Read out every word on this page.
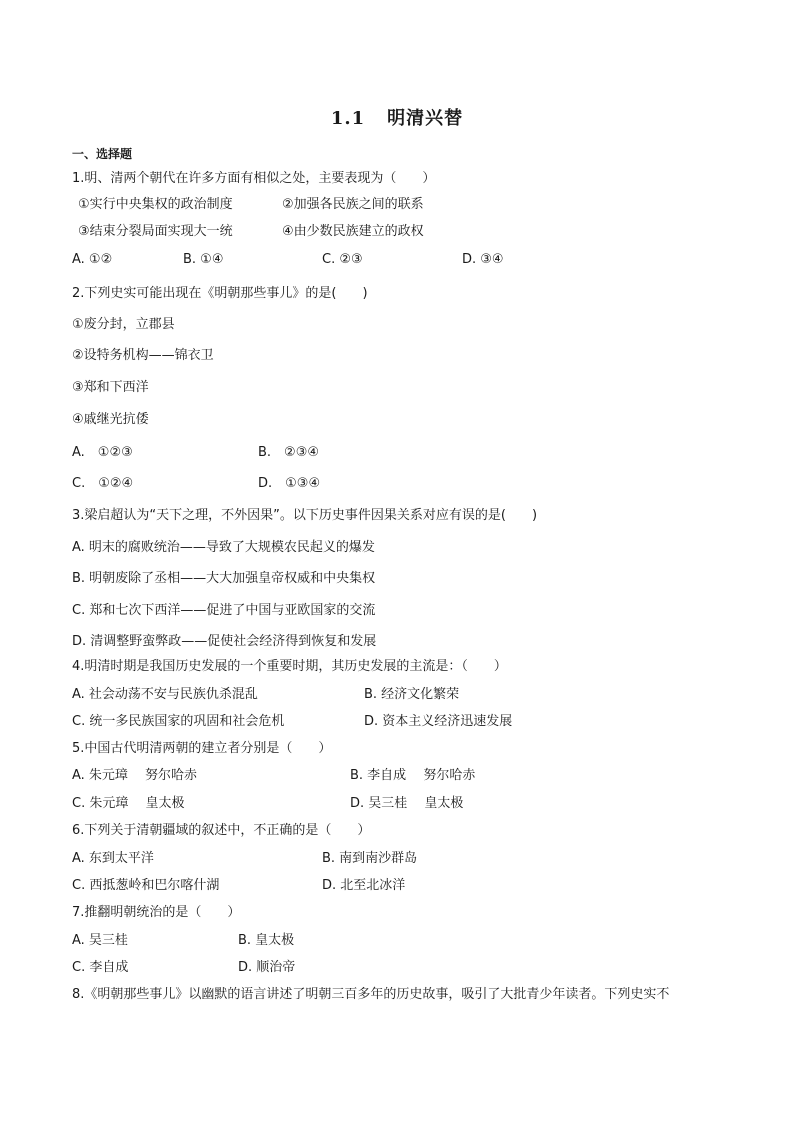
1.1 明清兴替
一、选择题
1.明、清两个朝代在许多方面有相似之处，主要表现为（　　）
①实行中央集权的政治制度	②加强各民族之间的联系
③结束分裂局面实现大一统	④由少数民族建立的政权
A. ①②	B. ①④	C. ②③	D. ③④
2.下列史实可能出现在《明朝那些事儿》的是(　　)
①废分封，立郡县
②设特务机构——锦衣卫
③郑和下西洋
④戚继光抗倭
A.　①②③	B.　②③④
C.　①②④	D.　①③④
3.梁启超认为“天下之理，不外因果”。以下历史事件因果关系对应有误的是(　　)
A. 明末的腐败统治——导致了大规模农民起义的爆发
B. 明朝废除了丞相——大大加强皇帝权威和中央集权
C. 郑和七次下西洋——促进了中国与亚欧国家的交流
D. 清调整野蛮弊政——促使社会经济得到恢复和发展
4.明清时期是我国历史发展的一个重要时期，其历史发展的主流是：（　　）
A. 社会动荡不安与民族仇杀混乱	B. 经济文化繁荣
C. 统一多民族国家的巩固和社会危机	D. 资本主义经济迅速发展
5.中国古代明清两朝的建立者分别是（　　）
A. 朱元璋　 努尔哈赤	B. 李自成　 努尔哈赤
C. 朱元璋　 皇太极	D. 吴三桂　 皇太极
6.下列关于清朝疆域的叙述中，不正确的是（　　）
A. 东到太平洋	B. 南到南沙群岛
C. 西抵葱岭和巴尔喀什湖	D. 北至北冰洋
7.推翻明朝统治的是（　　）
A. 吴三桂	B. 皇太极
C. 李自成	D. 顺治帝
8.《明朝那些事儿》以幽默的语言讲述了明朝三百多年的历史故事，吸引了大批青少年读者。下列史实不
